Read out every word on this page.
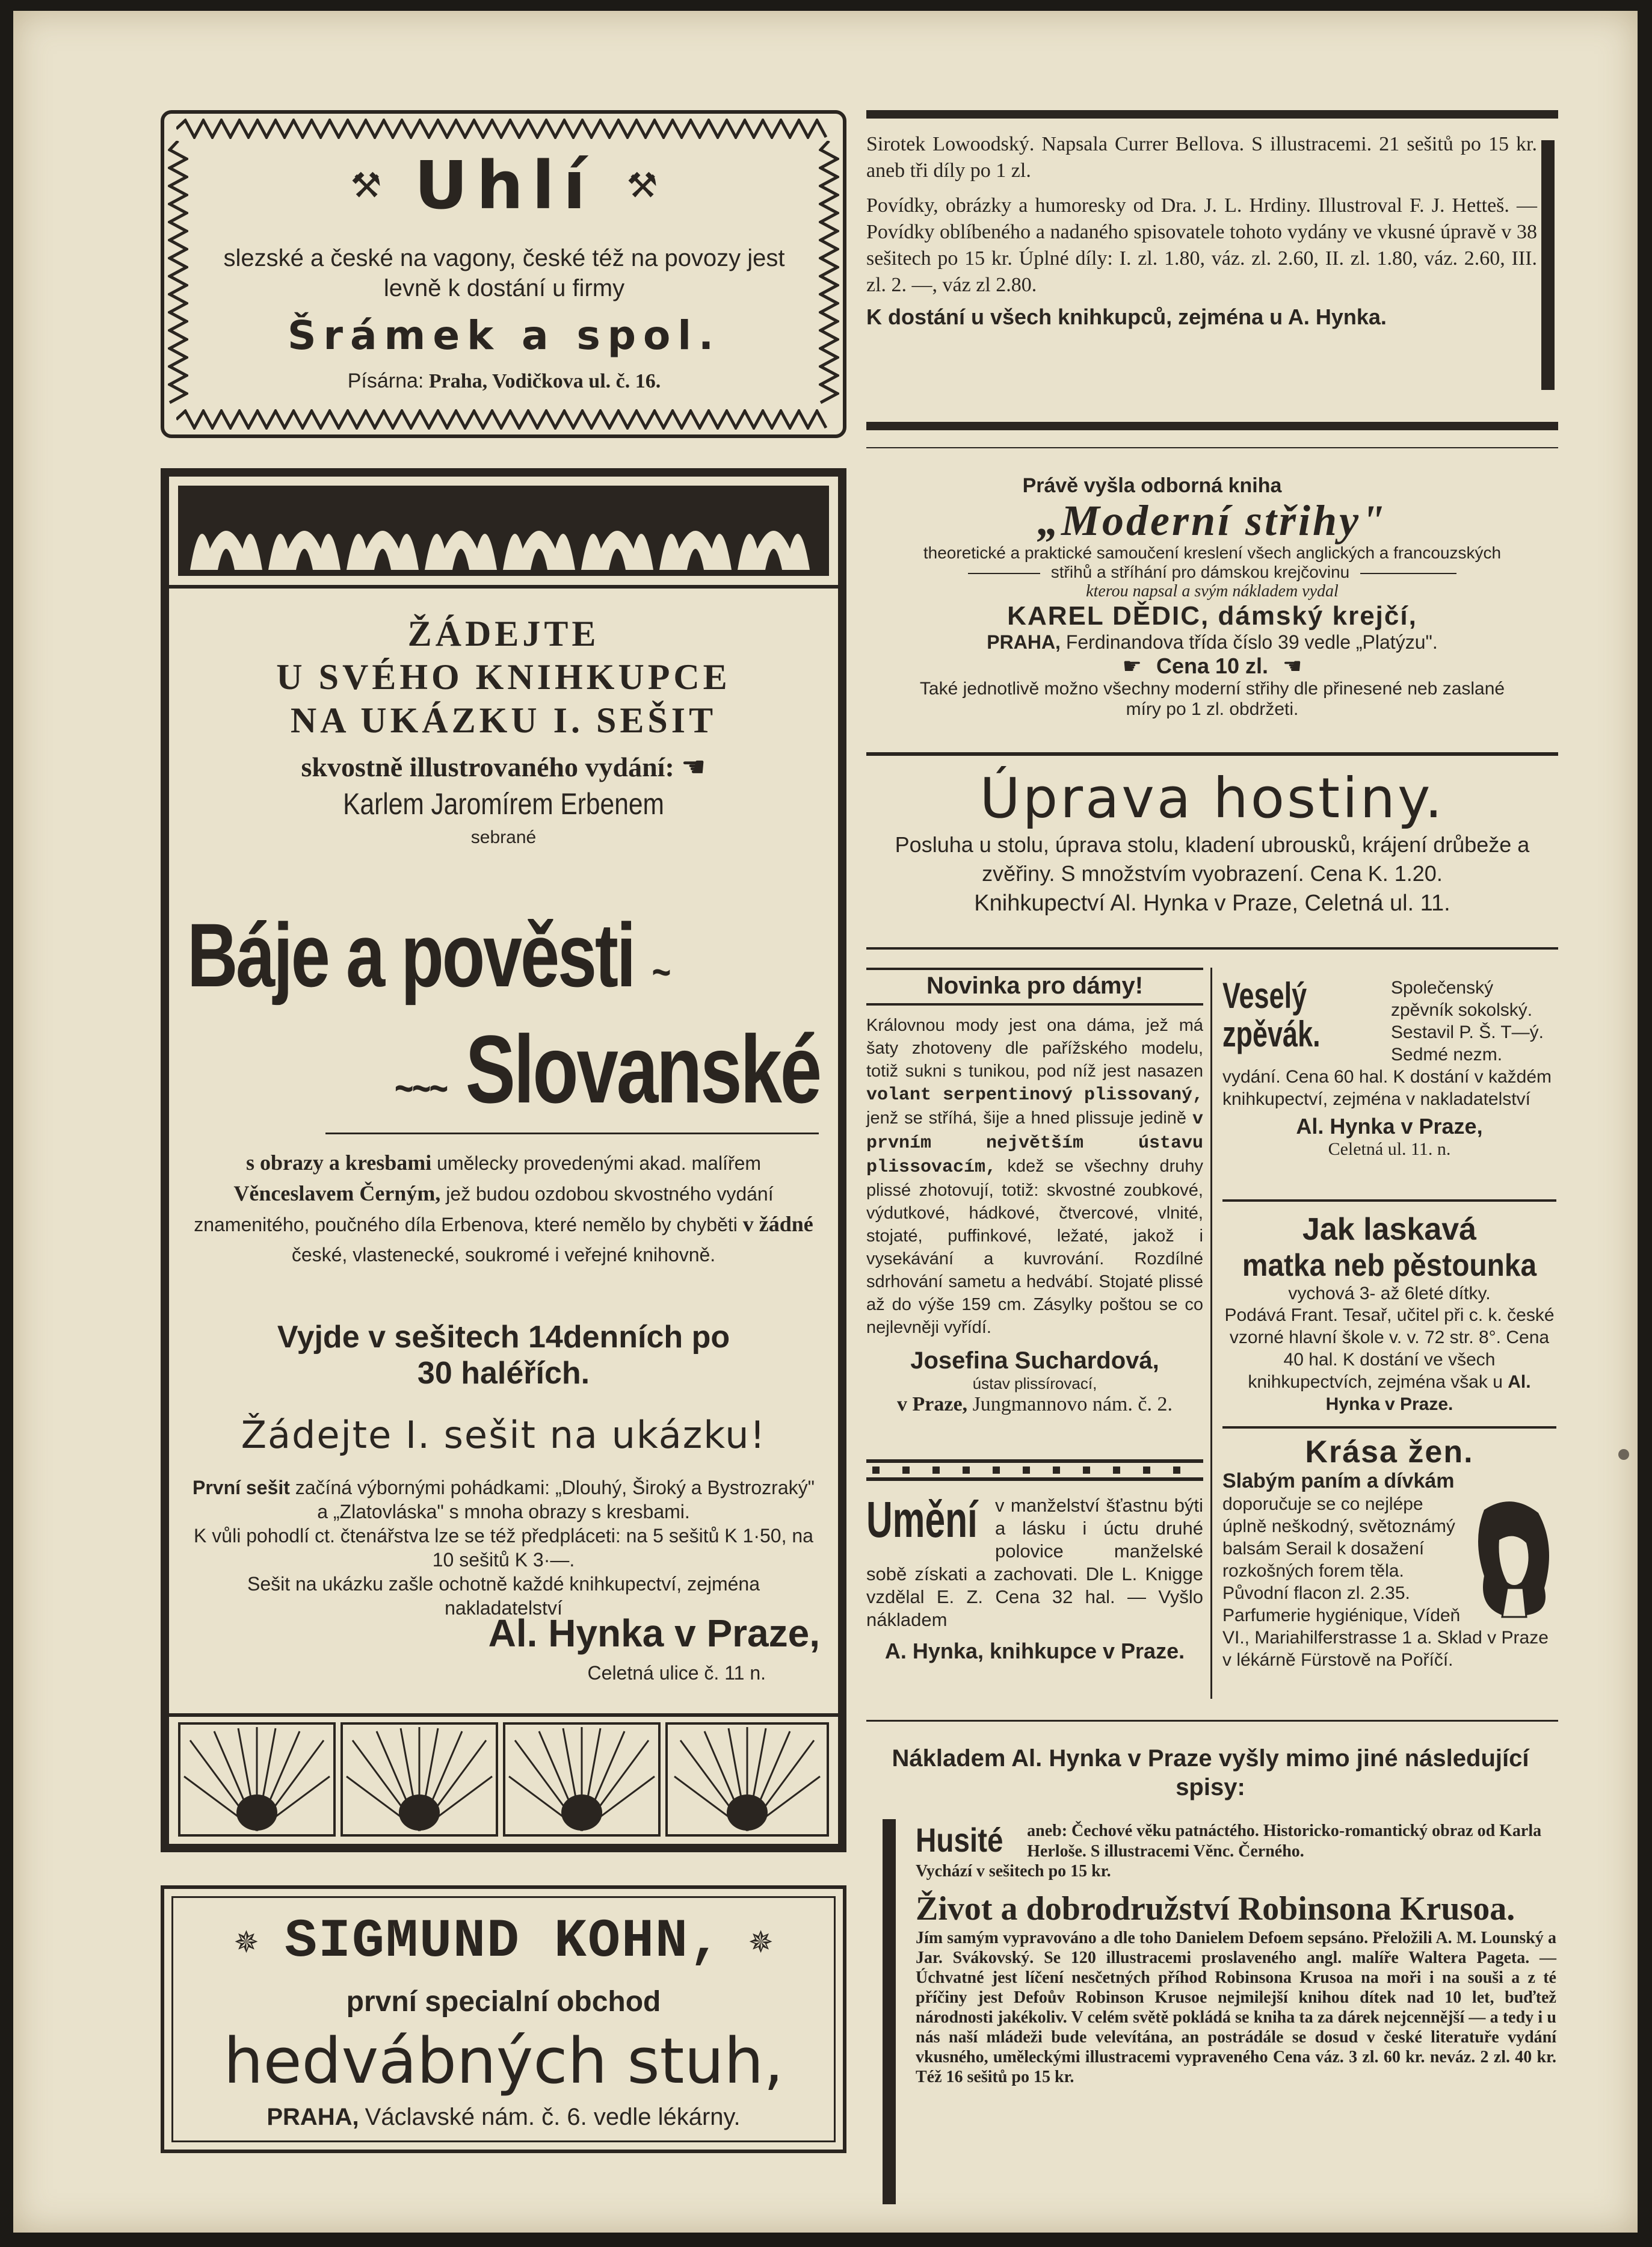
⚒ Uhlí ⚒

slezské a české na vagony, české též na povozy jest levně k dostání u firmy

Šrámek a spol.

Písárna: Praha, Vodičkova ul. č. 16.

Sirotek Lowoodský. Napsala Currer Bellova. S illustracemi. 21 sešitů po 15 kr. aneb tři díly po 1 zl.

Povídky, obrázky a humoresky od Dra. J. L. Hrdiny. Illustroval F. J. Hetteš. — Povídky oblíbeného a nadaného spisovatele tohoto vydány ve vkusné úpravě v 38 sešitech po 15 kr. Úplné díly: I. zl. 1.80, váz. zl. 2.60, II. zl. 1.80, váz. 2.60, III. zl. 2. —, váz zl 2.80.

K dostání u všech knihkupců, zejména u A. Hynka.

Právě vyšla odborná kniha

„Moderní střihy"

theoretické a praktické samoučení kreslení všech anglických a francouzských

střihů a stříhání pro dámskou krejčovinu

kterou napsal a svým nákladem vydal

KAREL DĚDIC, dámský krejčí,

PRAHA, Ferdinandova třída číslo 39 vedle „Platýzu".

☛ Cena 10 zl. ☛

Také jednotlivě možno všechny moderní střihy dle přinesené neb zaslané míry po 1 zl. obdržeti.

Úprava hostiny.

Posluha u stolu, úprava stolu, kladení ubrousků, krájení drůbeže a zvěřiny. S množstvím vyobrazení. Cena K. 1.20.

Knihkupectví Al. Hynka v Praze, Celetná ul. 11.

ŽÁDEJTE

U SVÉHO KNIHKUPCE

NA UKÁZKU I. SEŠIT

skvostně illustrovaného vydání: ☛

Karlem Jaromírem Erbenem

sebrané

Báje a pověsti ~

~~~ Slovanské

s obrazy a kresbami umělecky provedenými akad. malířem Věnceslavem Černým, jež budou ozdobou skvostného vydání znamenitého, poučného díla Erbenova, které nemělo by chyběti v žádné české, vlastenecké, soukromé i veřejné knihovně.

Vyjde v sešitech 14denních po

30 haléřích.

Žádejte I. sešit na ukázku!

První sešit začíná výbornými pohádkami: „Dlouhý, Široký a Bystrozraký" a „Zlatovláska" s mnoha obrazy s kresbami.

K vůli pohodlí ct. čtenářstva lze se též předpláceti: na 5 sešitů K 1·50, na 10 sešitů K 3·—.

Sešit na ukázku zašle ochotně každé knihkupectví, zejména nakladatelství

Al. Hynka v Praze,

Celetná ulice č. 11 n.

Novinka pro dámy!

Královnou mody jest ona dáma, jež má šaty zhotoveny dle pařížského modelu, totiž sukni s tunikou, pod níž jest nasazen volant serpentinový plissovaný, jenž se stříhá, šije a hned plissuje jedině v prvním největším ústavu plissovacím, kdež se všechny druhy plissé zhotovují, totiž: skvostné zoubkové, výdutkové, hádkové, čtvercové, vlnité, stojaté, puffinkové, ležaté, jakož i vysekávání a kuvrování. Rozdílné sdrhování sametu a hedvábí. Stojaté plissé až do výše 159 cm. Zásylky poštou se co nejlevněji vyřídí.

Josefina Suchardová,

ústav plissírovací,

v Praze, Jungmannovo nám. č. 2.

Umění v manželství šťastnu býti a lásku i úctu druhé polovice manželské sobě získati a zachovati. Dle L. Knigge vzdělal E. Z. Cena 32 hal. — Vyšlo nákladem

A. Hynka, knihkupce v Praze.

Veselý zpěvák.

Společenský zpěvník sokolský. Sestavil P. Š. T—ý. Sedmé nezm. vydání. Cena 60 hal. K dostání v každém knihkupectví, zejména v nakladatelství

Al. Hynka v Praze,

Celetná ul. 11. n.

Jak laskavá

matka neb pěstounka

vychová 3- až 6leté dítky.

Podává Frant. Tesař, učitel při c. k. české vzorné hlavní škole v. v. 72 str. 8°. Cena 40 hal. K dostání ve všech knihkupectvích, zejména však u Al. Hynka v Praze.

Krása žen.

Slabým paním a dívkám doporučuje se co nejlépe úplně neškodný, světoznámý balsám Serail k dosažení rozkošných forem těla. Původní flacon zl. 2.35. Parfumerie hygiénique, Vídeň VI., Mariahilferstrasse 1 a. Sklad v Praze v lékárně Fürstově na Poříčí.

✵ SIGMUND KOHN, ✵

první specialní obchod

hedvábných stuh,

PRAHA, Václavské nám. č. 6. vedle lékárny.

Nákladem Al. Hynka v Praze vyšly mimo jiné následující spisy:

Husité aneb: Čechové věku patnáctého. Historicko-romantický obraz od Karla Herloše. S illustracemi Věnc. Černého.

Vychází v sešitech po 15 kr.

Život a dobrodružství Robinsona Krusoa.

Jím samým vypravováno a dle toho Danielem Defoem sepsáno. Přeložili A. M. Lounský a Jar. Svákovský. Se 120 illustracemi proslaveného angl. malíře Waltera Pageta. — Úchvatné jest líčení nesčetných příhod Robinsona Krusoa na moři i na souši a z té příčiny jest Defoův Robinson Krusoe nejmilejší knihou dítek nad 10 let, buďtež národnosti jakékoliv. V celém světě pokládá se kniha ta za dárek nejcennější — a tedy i u nás naší mládeži bude velevítána, an postrádále se dosud v české literatuře vydání vkusného, uměleckými illustracemi vypraveného Cena váz. 3 zl. 60 kr. neváz. 2 zl. 40 kr. Též 16 sešitů po 15 kr.
